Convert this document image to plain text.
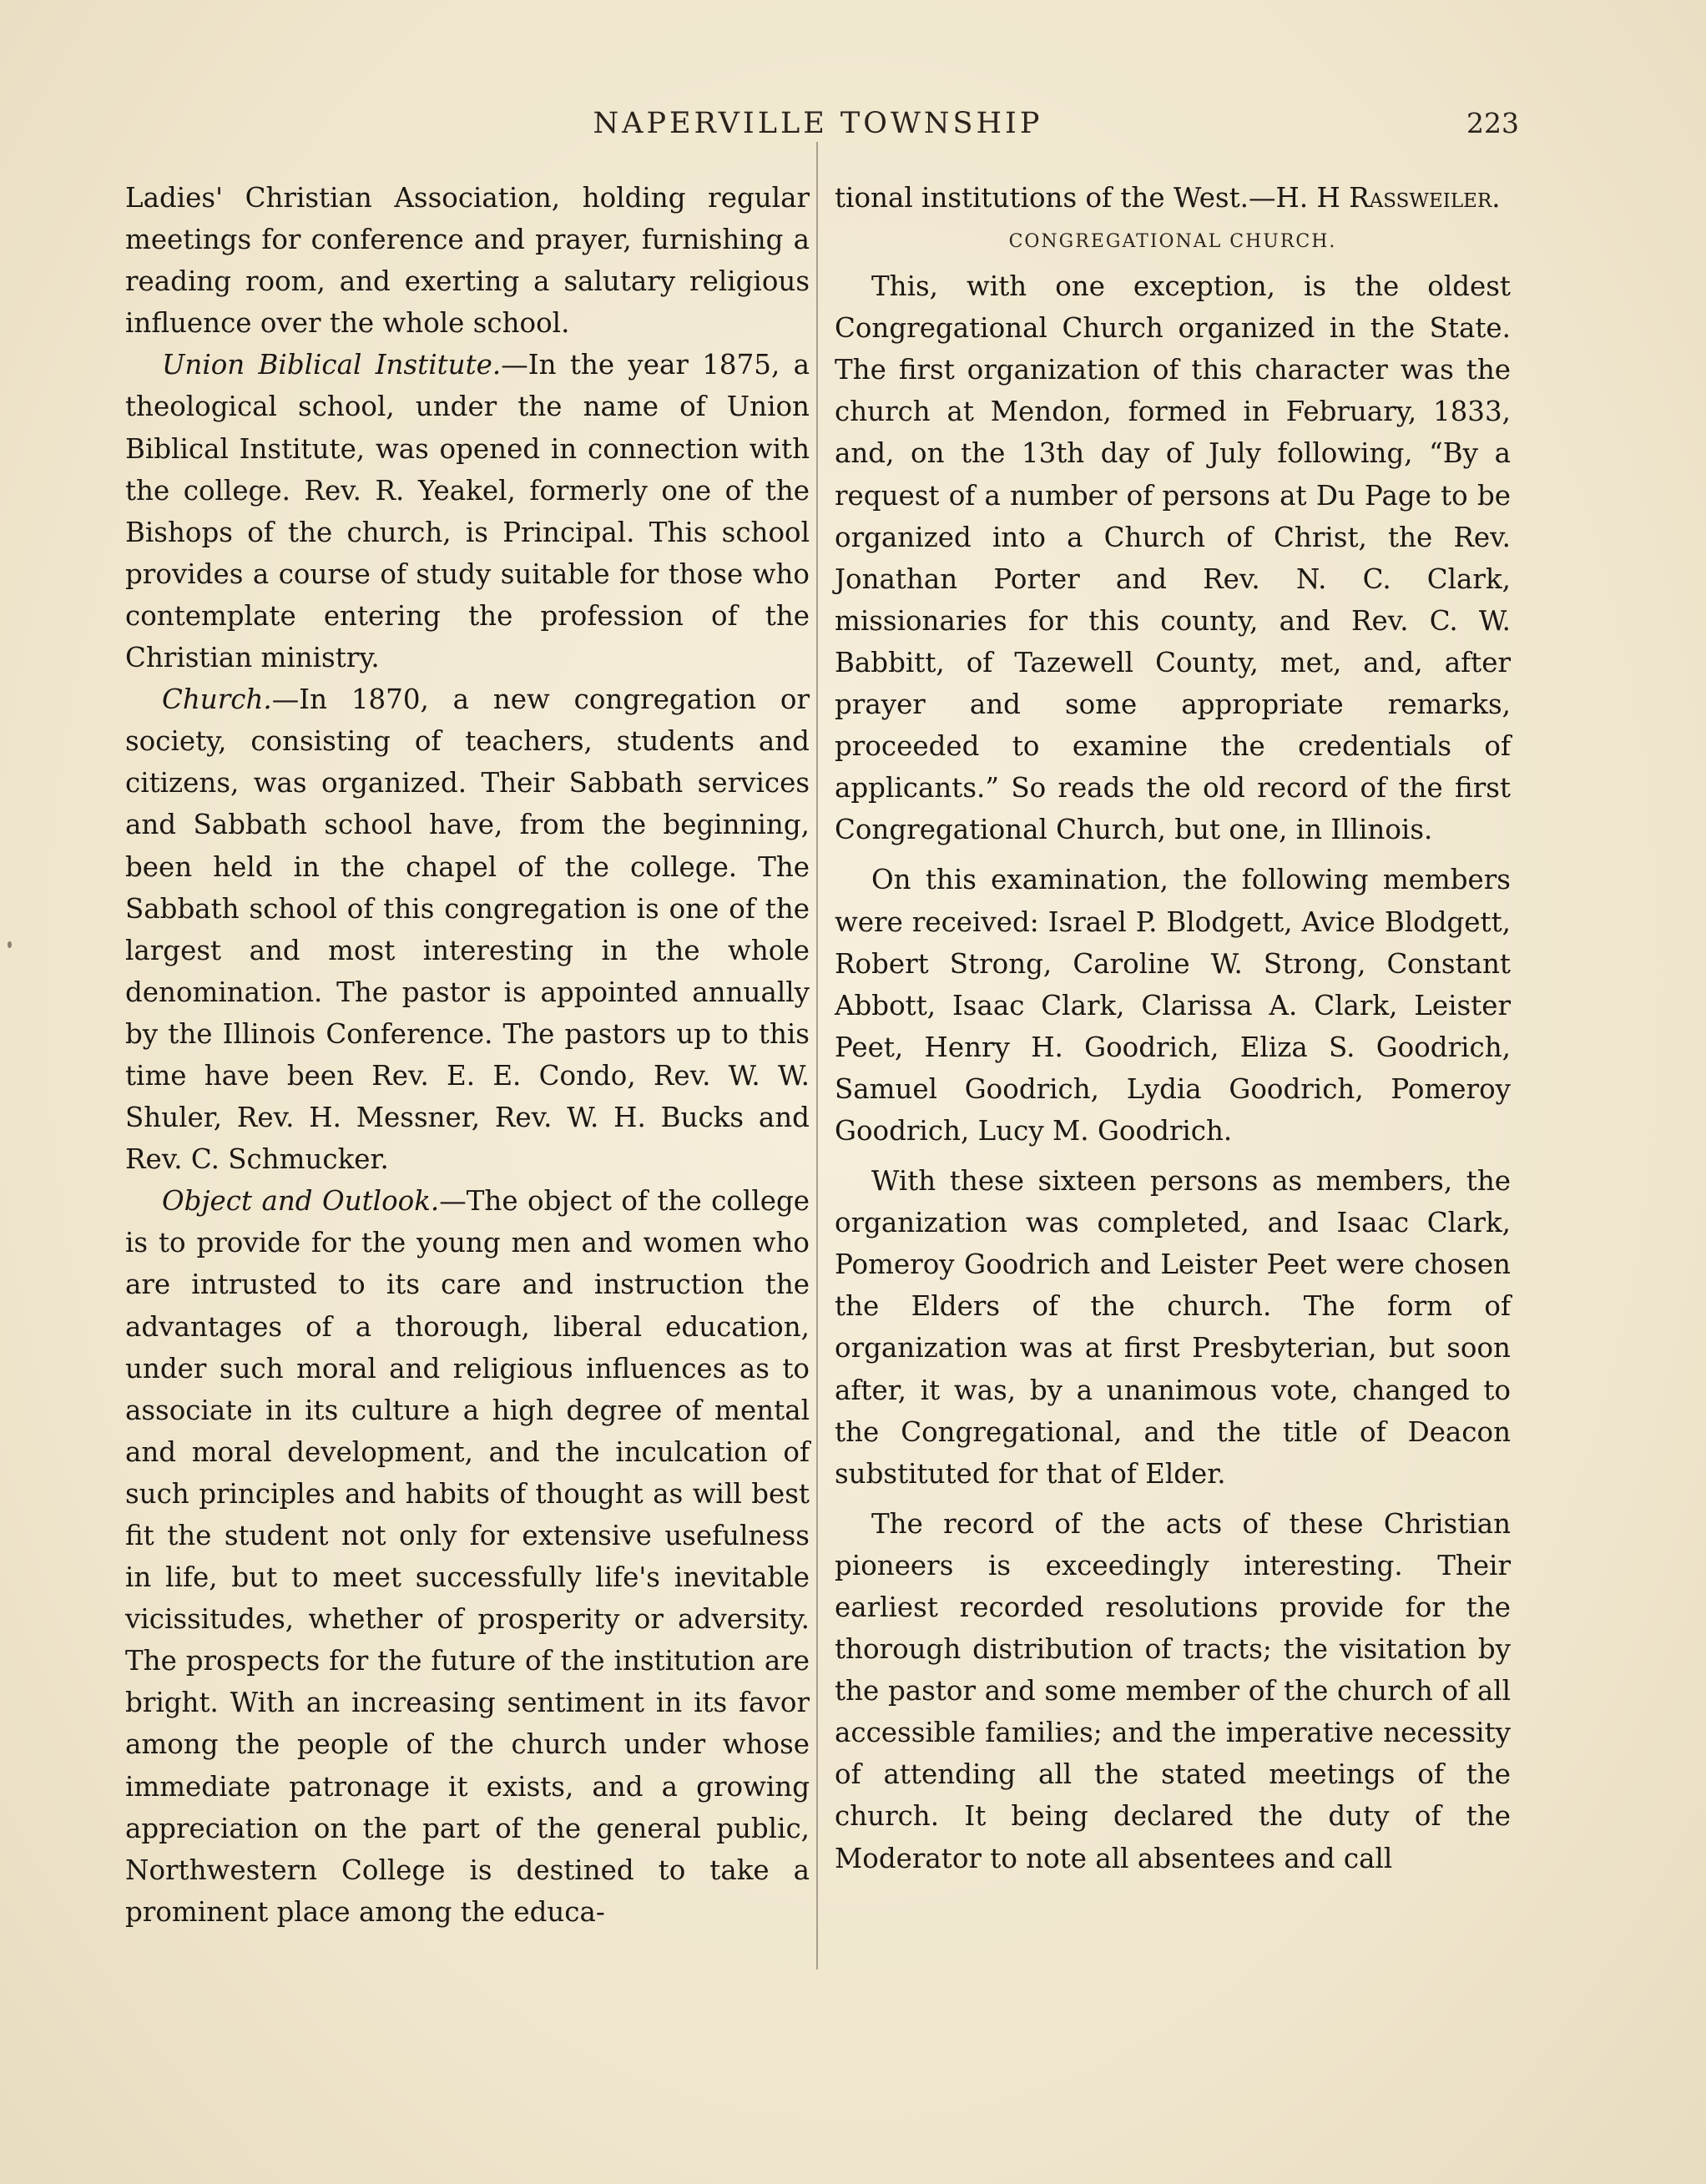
NAPERVILLE TOWNSHIP	223

Ladies' Christian Association, holding regular meetings for conference and prayer, furnishing a reading room, and exerting a salutary religious influence over the whole school.

Union Biblical Institute.—In the year 1875, a theological school, under the name of Union Biblical Institute, was opened in connection with the college. Rev. R. Yeakel, formerly one of the Bishops of the church, is Principal. This school provides a course of study suitable for those who contemplate entering the profession of the Christian ministry.

Church.—In 1870, a new congregation or society, consisting of teachers, students and citizens, was organized. Their Sabbath services and Sabbath school have, from the beginning, been held in the chapel of the college. The Sabbath school of this congregation is one of the largest and most interesting in the whole denomination. The pastor is appointed annually by the Illinois Conference. The pastors up to this time have been Rev. E. E. Condo, Rev. W. W. Shuler, Rev. H. Messner, Rev. W. H. Bucks and Rev. C. Schmucker.

Object and Outlook.—The object of the college is to provide for the young men and women who are intrusted to its care and instruction the advantages of a thorough, liberal education, under such moral and religious influences as to associate in its culture a high degree of mental and moral development, and the inculcation of such principles and habits of thought as will best fit the student not only for extensive usefulness in life, but to meet successfully life's inevitable vicissitudes, whether of prosperity or adversity. The prospects for the future of the institution are bright. With an increasing sentiment in its favor among the people of the church under whose immediate patronage it exists, and a growing appreciation on the part of the general public, Northwestern College is destined to take a prominent place among the educa-

tional institutions of the West.—H. H Rassweiler.

CONGREGATIONAL CHURCH.

This, with one exception, is the oldest Congregational Church organized in the State. The first organization of this character was the church at Mendon, formed in February, 1833, and, on the 13th day of July following, “By a request of a number of persons at Du Page to be organized into a Church of Christ, the Rev. Jonathan Porter and Rev. N. C. Clark, missionaries for this county, and Rev. C. W. Babbitt, of Tazewell County, met, and, after prayer and some appropriate remarks, proceeded to examine the credentials of applicants.” So reads the old record of the first Congregational Church, but one, in Illinois.

On this examination, the following members were received: Israel P. Blodgett, Avice Blodgett, Robert Strong, Caroline W. Strong, Constant Abbott, Isaac Clark, Clarissa A. Clark, Leister Peet, Henry H. Goodrich, Eliza S. Goodrich, Samuel Goodrich, Lydia Goodrich, Pomeroy Goodrich, Lucy M. Goodrich.

With these sixteen persons as members, the organization was completed, and Isaac Clark, Pomeroy Goodrich and Leister Peet were chosen the Elders of the church. The form of organization was at first Presbyterian, but soon after, it was, by a unanimous vote, changed to the Congregational, and the title of Deacon substituted for that of Elder.

The record of the acts of these Christian pioneers is exceedingly interesting. Their earliest recorded resolutions provide for the thorough distribution of tracts; the visitation by the pastor and some member of the church of all accessible families; and the imperative necessity of attending all the stated meetings of the church. It being declared the duty of the Moderator to note all absentees and call
